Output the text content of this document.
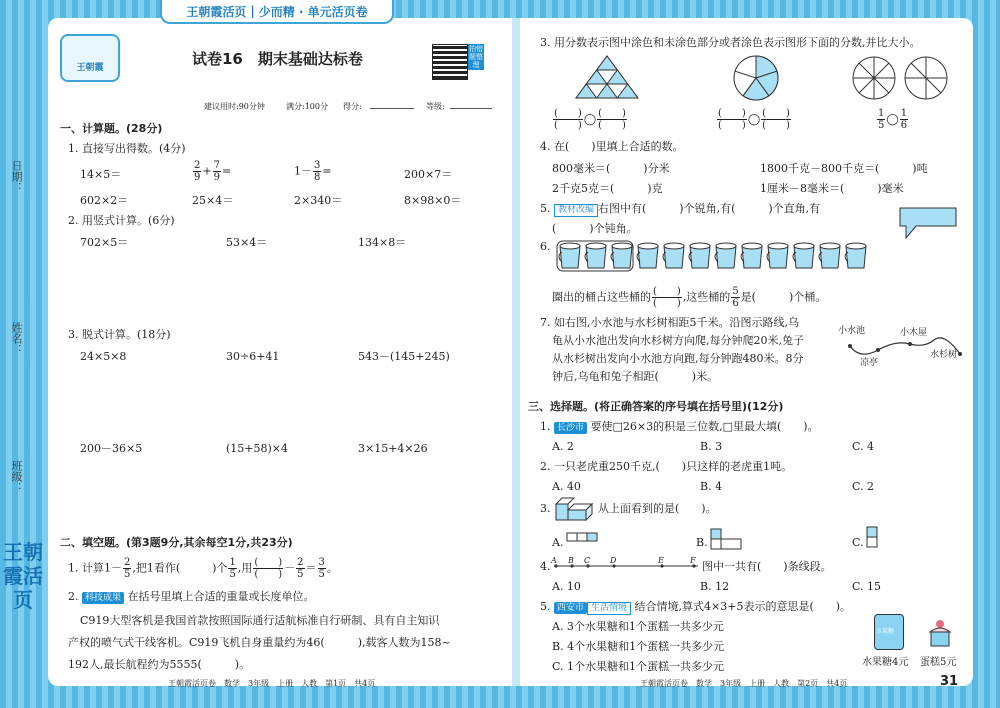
王朝霞活页 | 少而精 · 单元活页卷
日期：
姓名：
班级：
王朝霞活页
王朝霞	试卷16　期末基础达标卷
拍错题整理
建议用时:90分钟	满分:100分 得分:	等级:
一、计算题。(28分)
1. 直接写出得数。(4分)
14×5＝	$\frac{2}{9} + \frac{7}{9}$ =	$1- \frac{3}{8}$ =	200×7＝
602×2＝	25×4＝	2×340＝	8×98×0＝
2. 用竖式计算。(6分)
702×5＝	53×4＝	134×8＝
3. 脱式计算。(18分)
24×5×8	30÷6+41	543－(145+245)
200－36×5	(15+58)×4	3×15+4×26
二、填空题。(第3题9分,其余每空1分,共23分)
1. 计算$1- \frac{2}{5}$ ,把1看作(	)个 $\frac{1}{5}$ ,用 $\frac{( )}{( )} - \frac{2}{5} = \frac{3}{5}$ 。
2. 科技成果 在括号里填上合适的重量或长度单位。
C919大型客机是我国首款按照国际通行适航标准自行研制、具有自主知识
产权的喷气式干线客机。C919飞机自身重量约为46(　　　),载客人数为158~
192人,最长航程约为5555(　　　)。
王朝霞活页卷　数学　3年级　上册　人教　第1页　共4页
3. 用分数表示图中涂色和未涂色部分或者涂色表示图形下面的分数,并比大小。
$\frac{( )}{( )}$ ◯ $\frac{( )}{( )}$	$\frac{( )}{( )}$ ◯ $\frac{( )}{( )}$	$\frac{1}{5}$ ◯ $\frac{1}{6}$
4. 在(　　)里填上合适的数。
800毫米＝(　　　)分米	1800千克－800千克＝(　　　)吨
2千克5克＝(　　　)克	1厘米－8毫米＝(　　　)毫米
5. 教材改编 右图中有(　　　)个锐角,有(　　　)个直角,有
(　　　)个钝角。
6.
圈出的桶占这些桶的 $\frac{( )}{( )}$ ,这些桶的 $\frac{5}{6}$ 是(　　　)个桶。
7. 如右图,小水池与水杉树相距5千米。沿图示路线,乌
龟从小水池出发向水杉树方向爬,每分钟爬20米,兔子
从水杉树出发向小水池方向跑,每分钟跑480米。8分
钟后,乌龟和兔子相距(　　　)米。
小水池	小木屋
水杉树
凉亭
三、选择题。(将正确答案的序号填在括号里)(12分)
1. 长沙市 要使□26×3的积是三位数,□里最大填(　　)。
A. 2	B. 3	C. 4
2. 一只老虎重250千克,(　　)只这样的老虎重1吨。
A. 40	B. 4	C. 2
3.	从上面看到的是(　　)。
A.	B.	C.
4. A B C D	E	F 图中一共有(　　)条线段。
A. 10	B. 12	C. 15
5. 西安市 生活情境 结合情境,算式4×3+5表示的意思是(　　)。
A. 3个水果糖和1个蛋糕一共多少元
B. 4个水果糖和1个蛋糕一共多少元
C. 1个水果糖和1个蛋糕一共多少元
水果糖
水果糖4元 蛋糕5元
王朝霞活页卷　数学　3年级　上册　人教　第2页　共4页	31
